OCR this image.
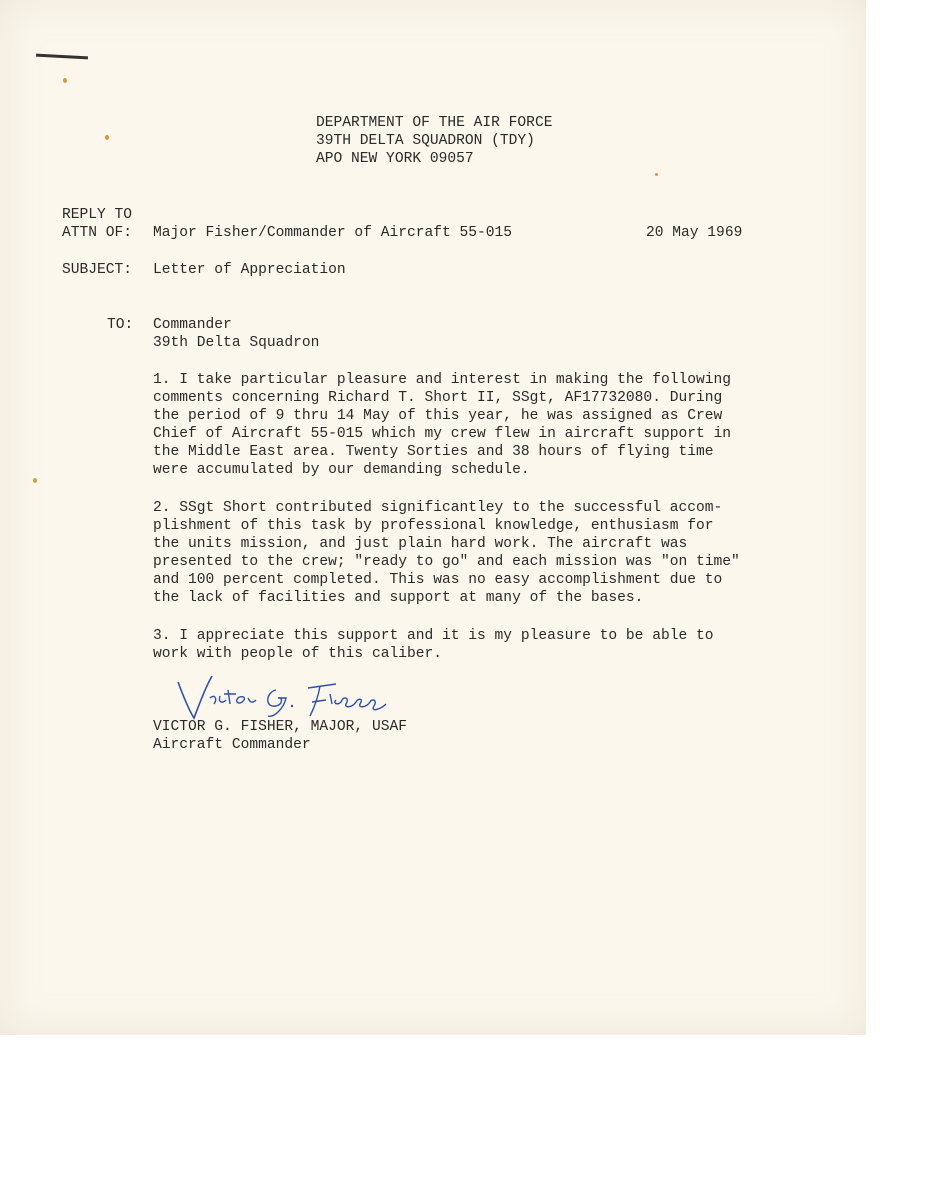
DEPARTMENT OF THE AIR FORCE
39TH DELTA SQUADRON (TDY)
APO NEW YORK 09057
REPLY TO
ATTN OF: Major Fisher/Commander of Aircraft 55-015	20 May 1969
SUBJECT: Letter of Appreciation
TO: Commander
39th Delta Squadron
1. I take particular pleasure and interest in making the following
comments concerning Richard T. Short II, SSgt, AF17732080. During
the period of 9 thru 14 May of this year, he was assigned as Crew
Chief of Aircraft 55-015 which my crew flew in aircraft support in
the Middle East area. Twenty Sorties and 38 hours of flying time
were accumulated by our demanding schedule.
2. SSgt Short contributed significantley to the successful accom-
plishment of this task by professional knowledge, enthusiasm for
the units mission, and just plain hard work. The aircraft was
presented to the crew; "ready to go" and each mission was "on time"
and 100 percent completed. This was no easy accomplishment due to
the lack of facilities and support at many of the bases.
3. I appreciate this support and it is my pleasure to be able to
work with people of this caliber.
VICTOR G. FISHER, MAJOR, USAF
Aircraft Commander
